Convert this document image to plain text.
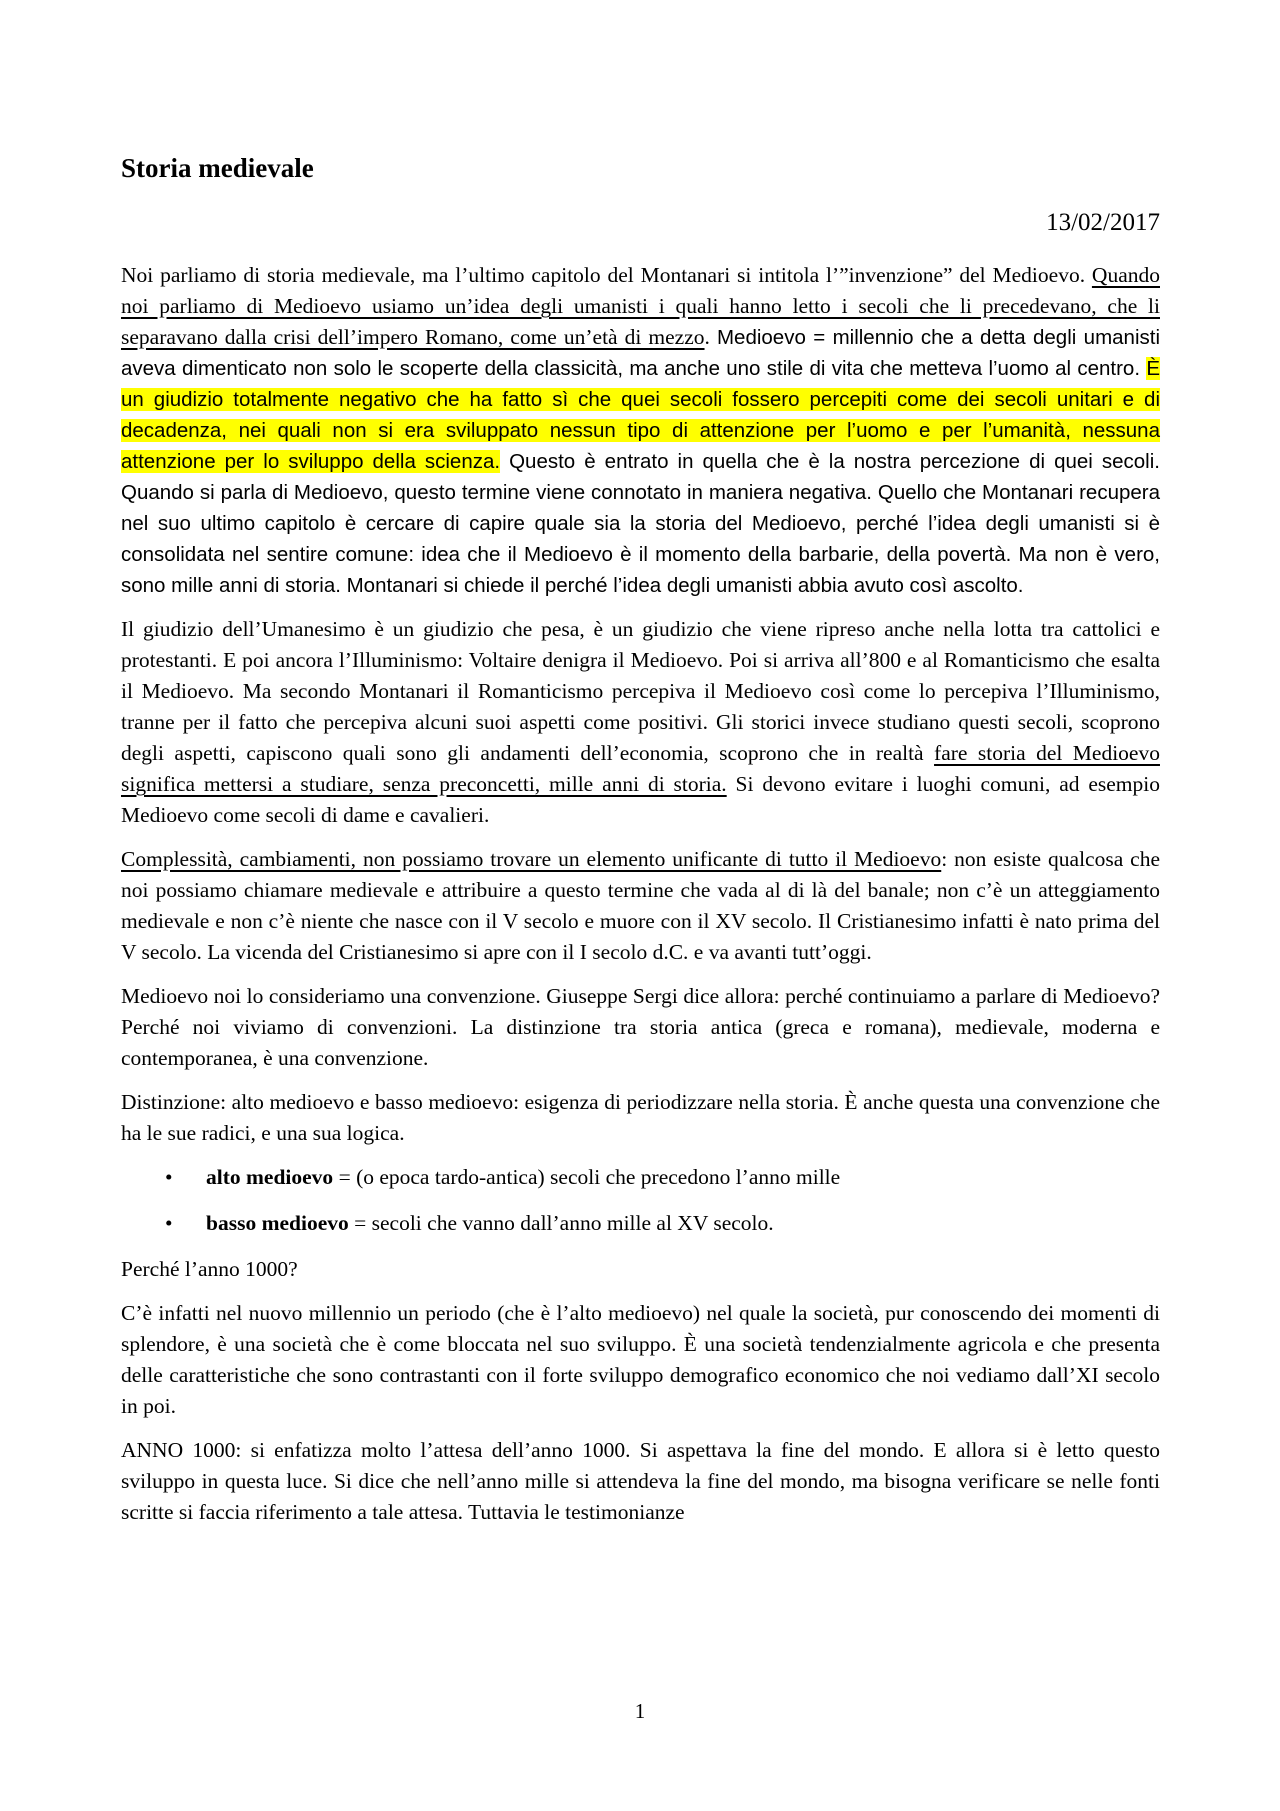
Storia medievale
13/02/2017

Noi parliamo di storia medievale, ma l’ultimo capitolo del Montanari si intitola l’”invenzione” del Medioevo. Quando noi parliamo di Medioevo usiamo un’idea degli umanisti i quali hanno letto i secoli che li precedevano, che li separavano dalla crisi dell’impero Romano, come un’età di mezzo. Medioevo = millennio che a detta degli umanisti aveva dimenticato non solo le scoperte della classicità, ma anche uno stile di vita che metteva l’uomo al centro. È un giudizio totalmente negativo che ha fatto sì che quei secoli fossero percepiti come dei secoli unitari e di decadenza, nei quali non si era sviluppato nessun tipo di attenzione per l’uomo e per l’umanità, nessuna attenzione per lo sviluppo della scienza. Questo è entrato in quella che è la nostra percezione di quei secoli. Quando si parla di Medioevo, questo termine viene connotato in maniera negativa. Quello che Montanari recupera nel suo ultimo capitolo è cercare di capire quale sia la storia del Medioevo, perché l’idea degli umanisti si è consolidata nel sentire comune: idea che il Medioevo è il momento della barbarie, della povertà. Ma non è vero, sono mille anni di storia. Montanari si chiede il perché l’idea degli umanisti abbia avuto così ascolto.

Il giudizio dell’Umanesimo è un giudizio che pesa, è un giudizio che viene ripreso anche nella lotta tra cattolici e protestanti. E poi ancora l’Illuminismo: Voltaire denigra il Medioevo. Poi si arriva all’800 e al Romanticismo che esalta il Medioevo. Ma secondo Montanari il Romanticismo percepiva il Medioevo così come lo percepiva l’Illuminismo, tranne per il fatto che percepiva alcuni suoi aspetti come positivi. Gli storici invece studiano questi secoli, scoprono degli aspetti, capiscono quali sono gli andamenti dell’economia, scoprono che in realtà fare storia del Medioevo significa mettersi a studiare, senza preconcetti, mille anni di storia. Si devono evitare i luoghi comuni, ad esempio Medioevo come secoli di dame e cavalieri.

Complessità, cambiamenti, non possiamo trovare un elemento unificante di tutto il Medioevo: non esiste qualcosa che noi possiamo chiamare medievale e attribuire a questo termine che vada al di là del banale; non c’è un atteggiamento medievale e non c’è niente che nasce con il V secolo e muore con il XV secolo. Il Cristianesimo infatti è nato prima del V secolo. La vicenda del Cristianesimo si apre con il I secolo d.C. e va avanti tutt’oggi.

Medioevo noi lo consideriamo una convenzione. Giuseppe Sergi dice allora: perché continuiamo a parlare di Medioevo? Perché noi viviamo di convenzioni. La distinzione tra storia antica (greca e romana), medievale, moderna e contemporanea, è una convenzione.

Distinzione: alto medioevo e basso medioevo: esigenza di periodizzare nella storia. È anche questa una convenzione che ha le sue radici, e una sua logica.

• alto medioevo = (o epoca tardo-antica) secoli che precedono l’anno mille
• basso medioevo = secoli che vanno dall’anno mille al XV secolo.

Perché l’anno 1000?

C’è infatti nel nuovo millennio un periodo (che è l’alto medioevo) nel quale la società, pur conoscendo dei momenti di splendore, è una società che è come bloccata nel suo sviluppo. È una società tendenzialmente agricola e che presenta delle caratteristiche che sono contrastanti con il forte sviluppo demografico economico che noi vediamo dall’XI secolo in poi.

ANNO 1000: si enfatizza molto l’attesa dell’anno 1000. Si aspettava la fine del mondo. E allora si è letto questo sviluppo in questa luce. Si dice che nell’anno mille si attendeva la fine del mondo, ma bisogna verificare se nelle fonti scritte si faccia riferimento a tale attesa. Tuttavia le testimonianze

1
